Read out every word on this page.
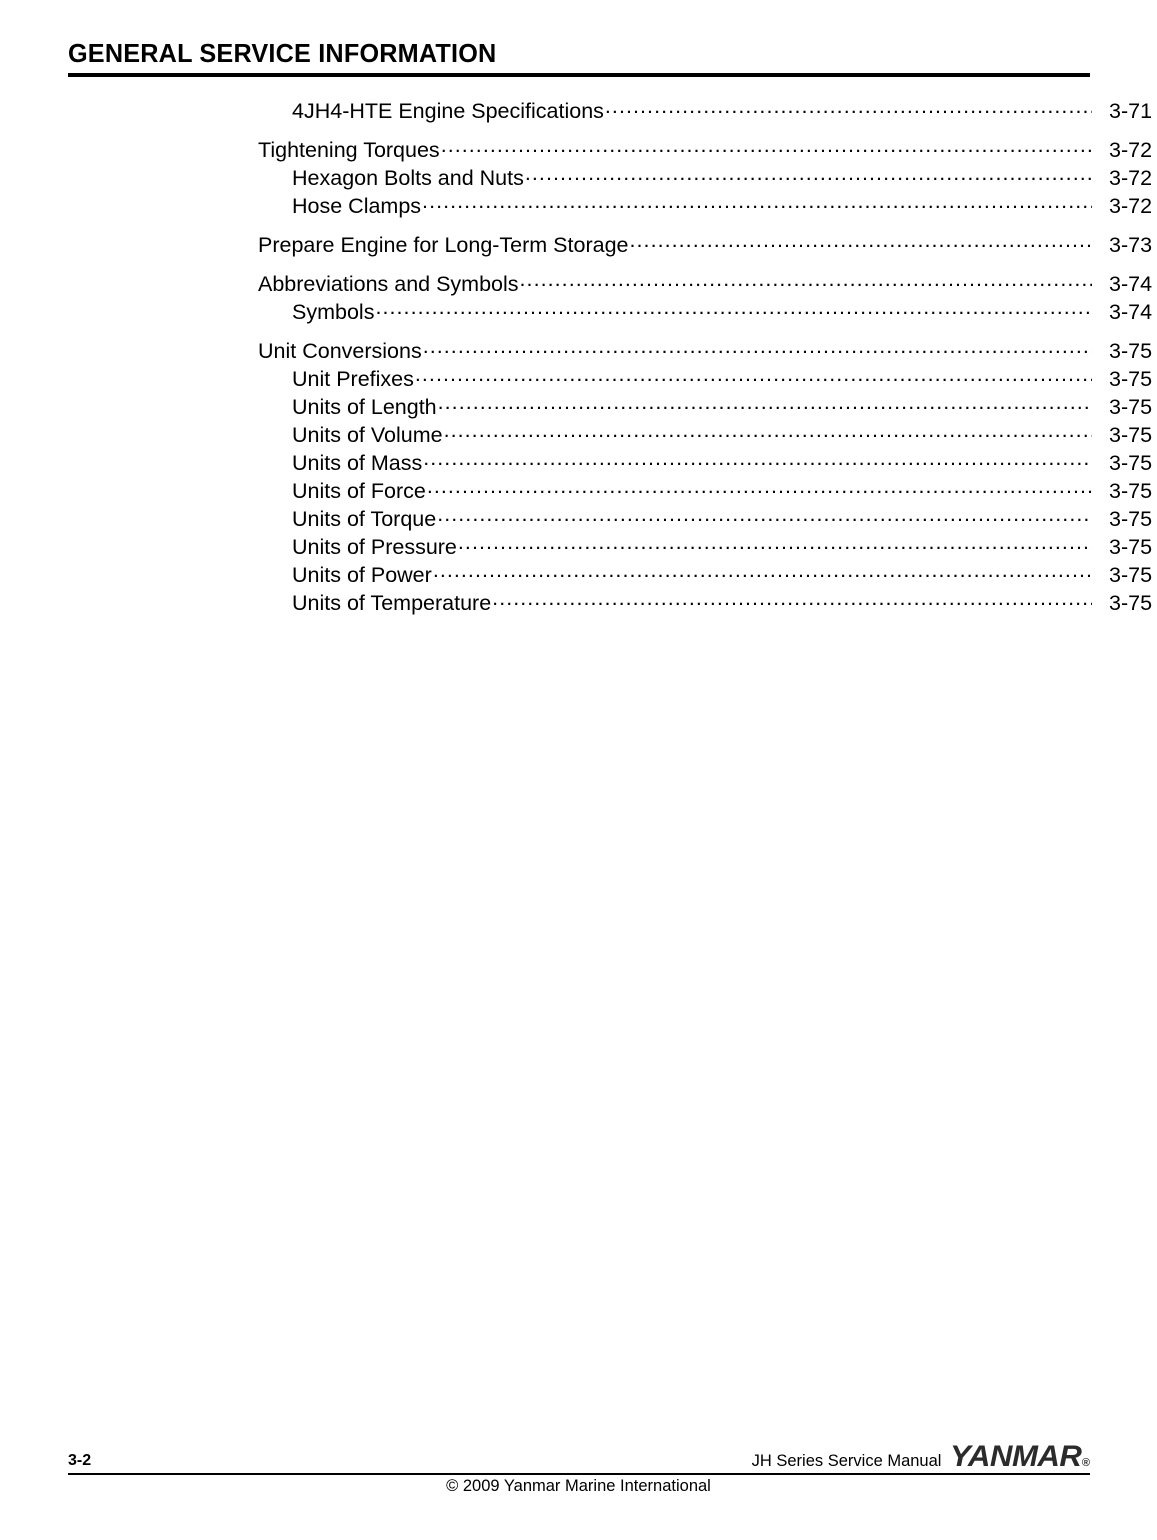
GENERAL SERVICE INFORMATION
4JH4-HTE Engine Specifications .....	3-71
Tightening Torques .....	3-72
Hexagon Bolts and Nuts .....	3-72
Hose Clamps .....	3-72
Prepare Engine for Long-Term Storage .....	3-73
Abbreviations and Symbols .....	3-74
Symbols .....	3-74
Unit Conversions .....	3-75
Unit Prefixes .....	3-75
Units of Length .....	3-75
Units of Volume .....	3-75
Units of Mass .....	3-75
Units of Force .....	3-75
Units of Torque .....	3-75
Units of Pressure .....	3-75
Units of Power .....	3-75
Units of Temperature .....	3-75
3-2	JH Series Service Manual YANMAR®
© 2009 Yanmar Marine International
